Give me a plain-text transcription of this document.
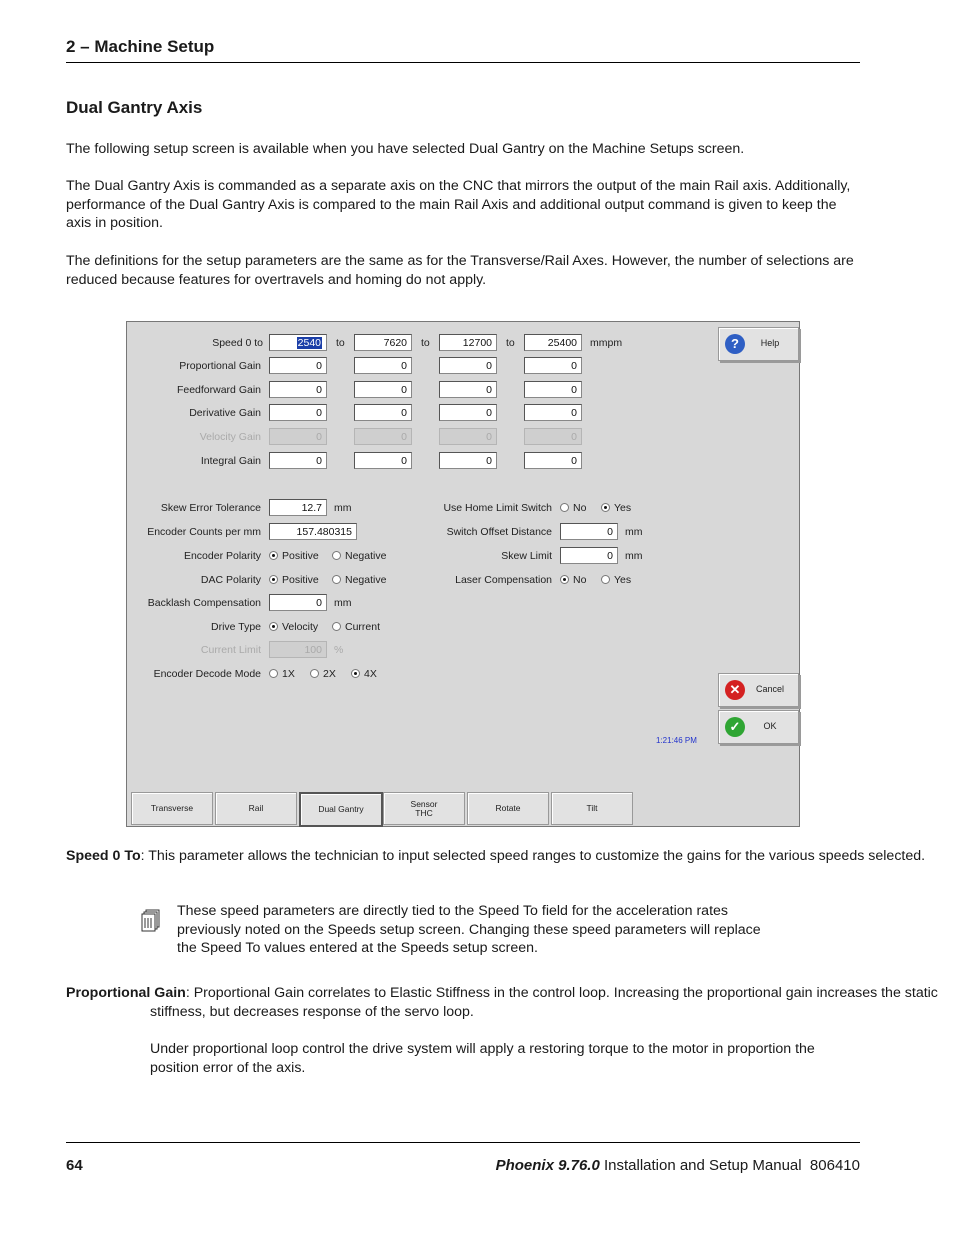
2 – Machine Setup
Dual Gantry Axis
The following setup screen is available when you have selected Dual Gantry on the Machine Setups screen.
The Dual Gantry Axis is commanded as a separate axis on the CNC that mirrors the output of the main Rail axis. Additionally, performance of the Dual Gantry Axis is compared to the main Rail Axis and additional output command is given to keep the axis in position.
The definitions for the setup parameters are the same as for the Transverse/Rail Axes. However, the number of selections are reduced because features for overtravels and homing do not apply.
Speed 0 to	2540	to	7620	to	12700	to	25400	mmpm
Proportional Gain	0	0	0	0
Feedforward Gain	0	0	0	0
Derivative Gain	0	0	0	0
Velocity Gain	0	0	0	0
Integral Gain	0	0	0	0
Skew Error Tolerance	12.7	mm
Encoder Counts per mm	157.480315
Encoder Polarity	Positive	Negative
DAC Polarity	Positive	Negative
Backlash Compensation	0	mm
Drive Type	Velocity	Current
Current Limit	100	%
Encoder Decode Mode	1X	2X	4X
Use Home Limit Switch	No	Yes
Switch Offset Distance	0	mm
Skew Limit	0	mm
Laser Compensation	No	Yes
?	Help
✕	Cancel
✓	OK
1:21:46 PM
Transverse	Rail	Dual Gantry
Sensor
THC	Rotate	Tilt
Speed 0 To: This parameter allows the technician to input selected speed ranges to customize the gains for the various speeds selected.
These speed parameters are directly tied to the Speed To field for the acceleration rates previously noted on the Speeds setup screen. Changing these speed parameters will replace the Speed To values entered at the Speeds setup screen.
Proportional Gain: Proportional Gain correlates to Elastic Stiffness in the control loop. Increasing the proportional gain increases the static stiffness, but decreases response of the servo loop.
Under proportional loop control the drive system will apply a restoring torque to the motor in proportion the position error of the axis.
64	Phoenix 9.76.0 Installation and Setup Manual  806410
